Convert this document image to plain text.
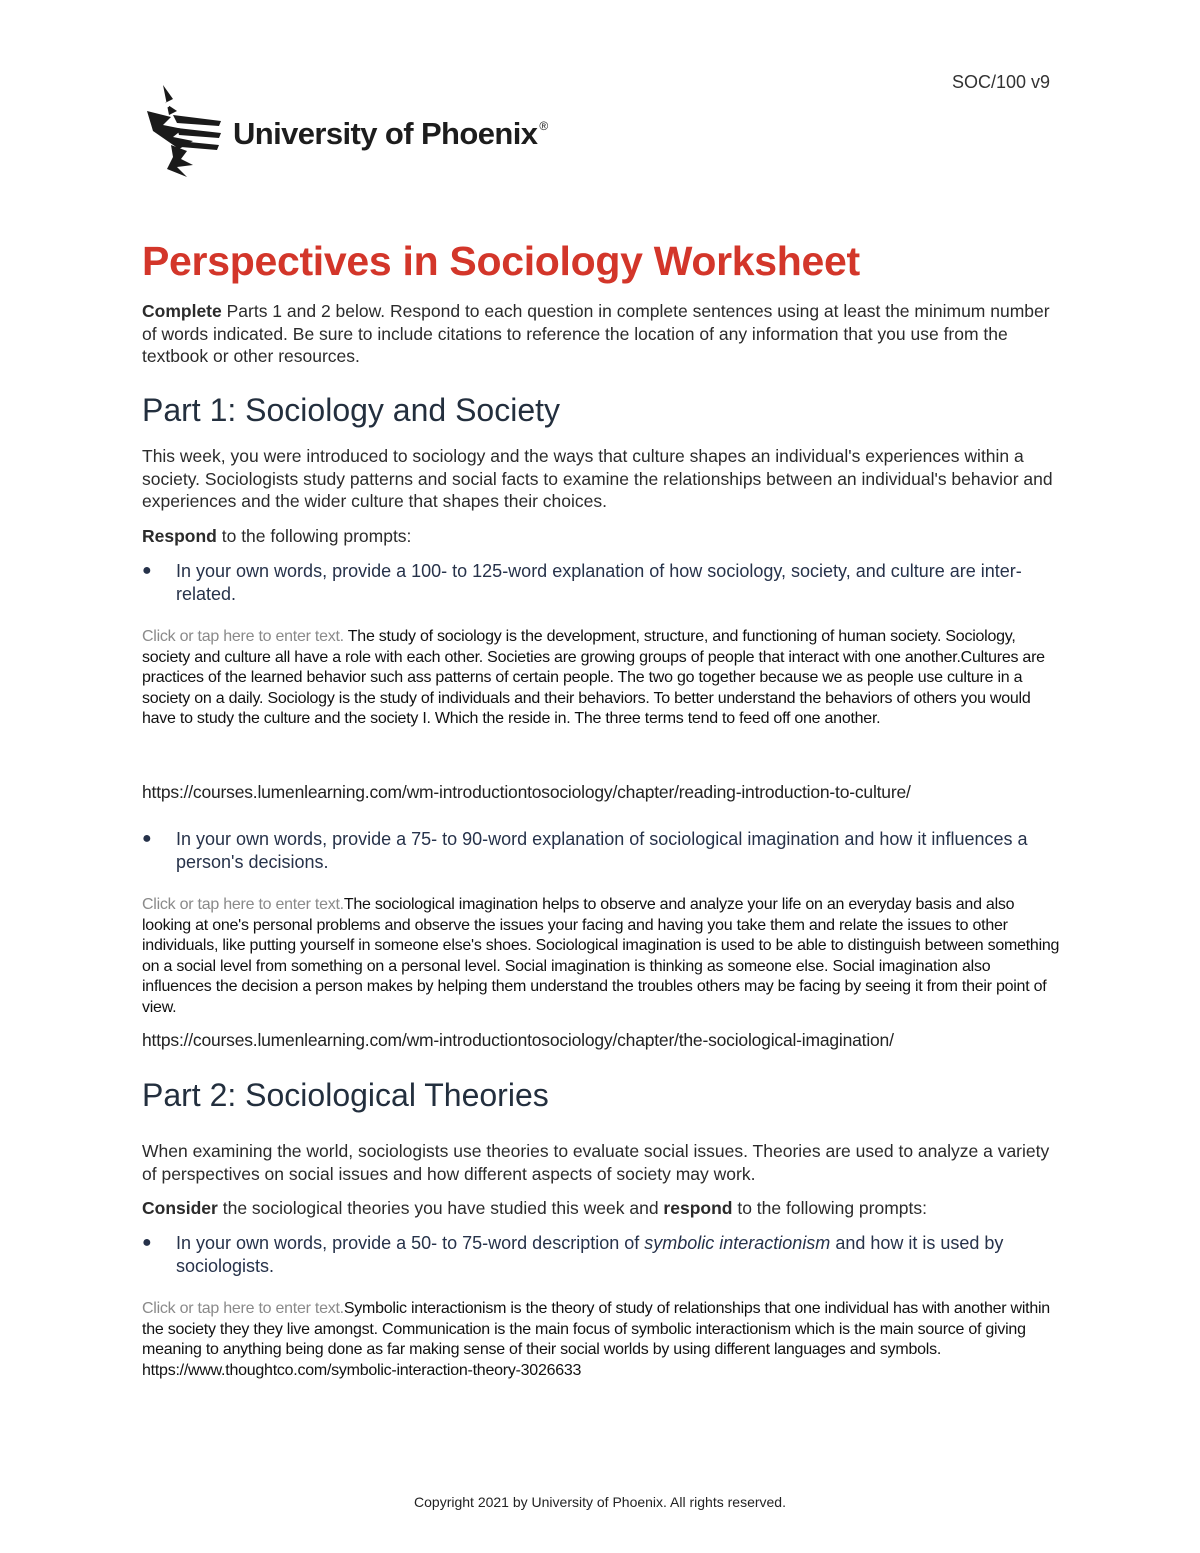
SOC/100 v9
University of Phoenix ®
Perspectives in Sociology Worksheet

Complete Parts 1 and 2 below. Respond to each question in complete sentences using at least the minimum number of words indicated. Be sure to include citations to reference the location of any information that you use from the textbook or other resources.

Part 1: Sociology and Society

This week, you were introduced to sociology and the ways that culture shapes an individual's experiences within a society. Sociologists study patterns and social facts to examine the relationships between an individual's behavior and experiences and the wider culture that shapes their choices.

Respond to the following prompts:

●	In your own words, provide a 100- to 125-word explanation of how sociology, society, and culture are inter-related.

Click or tap here to enter text. The study of sociology is the development, structure, and functioning of human society. Sociology, society and culture all have a role with each other. Societies are growing groups of people that interact with one another.Cultures are practices of the learned behavior such ass patterns of certain people. The two go together because we as people use culture in a society on a daily. Sociology is the study of individuals and their behaviors. To better understand the behaviors of others you would have to study the culture and the society I. Which the reside in. The three terms tend to feed off one another.

https://courses.lumenlearning.com/wm-introductiontosociology/chapter/reading-introduction-to-culture/

●	In your own words, provide a 75- to 90-word explanation of sociological imagination and how it influences a person's decisions.

Click or tap here to enter text.The sociological imagination helps to observe and analyze your life on an everyday basis and also looking at one's personal problems and observe the issues your facing and having you take them and relate the issues to other individuals, like putting yourself in someone else's shoes. Sociological imagination is used to be able to distinguish between something on a social level from something on a personal level. Social imagination is thinking as someone else. Social imagination also influences the decision a person makes by helping them understand the troubles others may be facing by seeing it from their point of view.

https://courses.lumenlearning.com/wm-introductiontosociology/chapter/the-sociological-imagination/

Part 2: Sociological Theories

When examining the world, sociologists use theories to evaluate social issues. Theories are used to analyze a variety of perspectives on social issues and how different aspects of society may work.

Consider the sociological theories you have studied this week and respond to the following prompts:

●	In your own words, provide a 50- to 75-word description of symbolic interactionism and how it is used by sociologists.

Click or tap here to enter text.Symbolic interactionism is the theory of study of relationships that one individual has with another within the society they they live amongst. Communication is the main focus of symbolic interactionism which is the main source of giving meaning to anything being done as far making sense of their social worlds by using different languages and symbols.
https://www.thoughtco.com/symbolic-interaction-theory-3026633

Copyright 2021 by University of Phoenix. All rights reserved.
